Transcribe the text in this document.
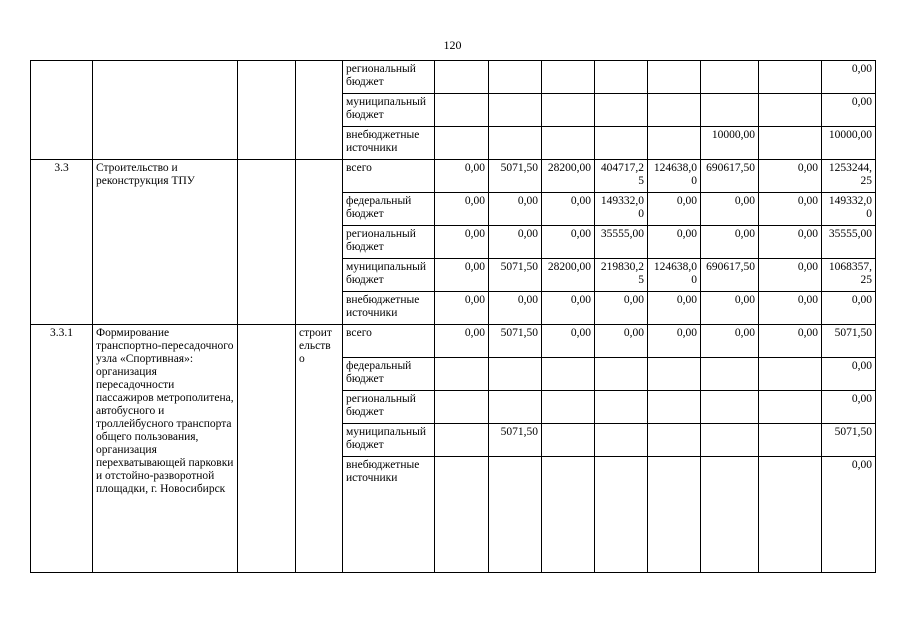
120
				региональный бюджет								0,00
				муниципальный бюджет								0,00
				внебюджетные источники						10000,00		10000,00
3.3	Строительство и реконструкция ТПУ			всего	0,00	5071,50	28200,00	404717,25	124638,00	690617,50	0,00	1253244,25
				федеральный бюджет	0,00	0,00	0,00	149332,00	0,00	0,00	0,00	149332,00
				региональный бюджет	0,00	0,00	0,00	35555,00	0,00	0,00	0,00	35555,00
				муниципальный бюджет	0,00	5071,50	28200,00	219830,25	124638,00	690617,50	0,00	1068357,25
				внебюджетные источники	0,00	0,00	0,00	0,00	0,00	0,00	0,00	0,00
3.3.1	Формирование транспортно-пересадочного узла «Спортивная»: организация пересадочности пассажиров метрополитена, автобусного и троллейбусного транспорта общего пользования, организация перехватывающей парковки и отстойно-разворотной площадки, г. Новосибирск		строительство	всего	0,00	5071,50	0,00	0,00	0,00	0,00	0,00	5071,50
				федеральный бюджет								0,00
				региональный бюджет								0,00
				муниципальный бюджет		5071,50						5071,50
				внебюджетные источники								0,00
